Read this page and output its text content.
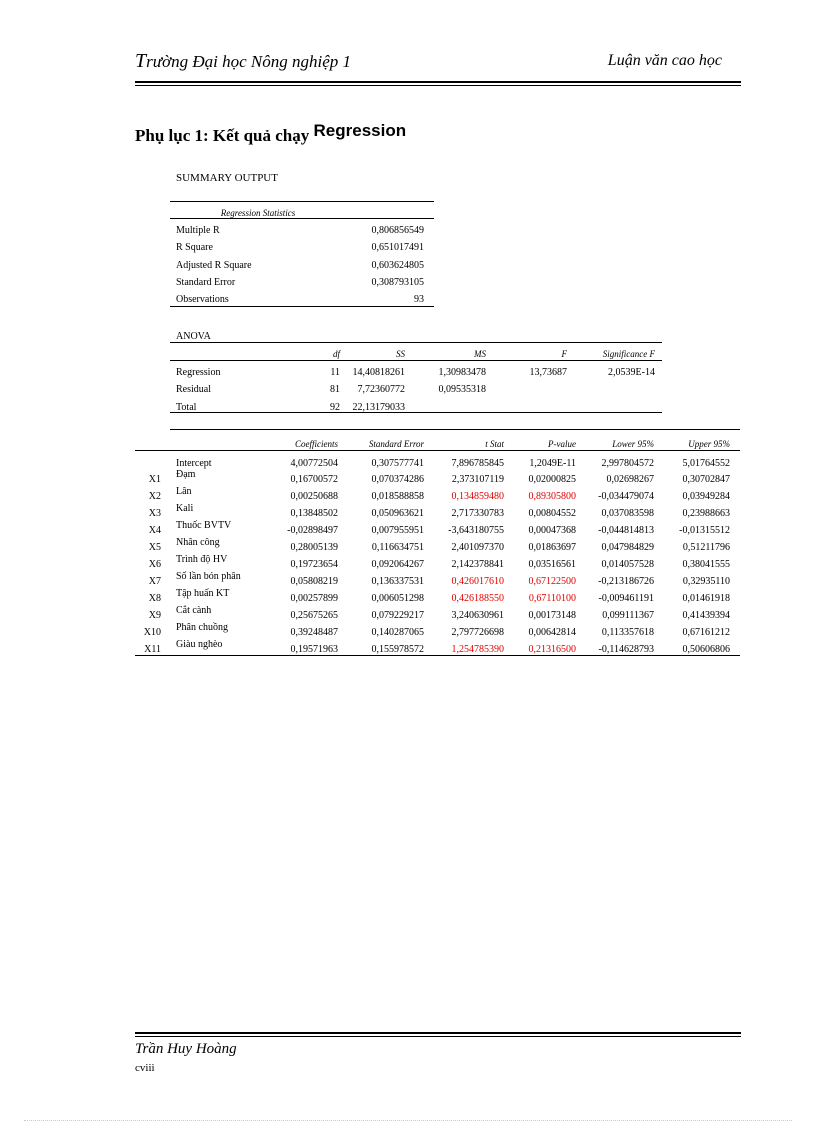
Trường Đại học Nông nghiệp 1	Luận văn cao học
Phụ lục 1: Kết quả chạy Regression
SUMMARY OUTPUT
Regression Statistics
Multiple R	0,806856549
R Square	0,651017491
Adjusted R Square	0,603624805
Standard Error	0,308793105
Observations	93
ANOVA
df	SS	MS	F	Significance F
Regression	11	14,40818261	1,30983478	13,73687	2,0539E-14
Residual	81	7,72360772	0,09535318
Total	92	22,13179033
Coefficients	Standard Error	t Stat	P-value	Lower 95%	Upper 95%
Intercept	4,00772504	0,307577741	7,896785845	1,2049E-11	2,997804572	5,01764552
X1 Đạm	0,16700572	0,070374286	2,373107119	0,02000825	0,02698267	0,30702847
X2 Lân	0,00250688	0,018588858	0,134859480	0,89305800	-0,034479074	0,03949284
X3 Kali	0,13848502	0,050963621	2,717330783	0,00804552	0,037083598	0,23988663
X4 Thuốc BVTV	-0,02898497	0,007955951	-3,643180755	0,00047368	-0,044814813	-0,01315512
X5 Nhân công	0,28005139	0,116634751	2,401097370	0,01863697	0,047984829	0,51211796
X6 Trình độ HV	0,19723654	0,092064267	2,142378841	0,03516561	0,014057528	0,38041555
X7 Số lần bón phân	0,05808219	0,136337531	0,426017610	0,67122500	-0,213186726	0,32935110
X8 Tập huấn KT	0,00257899	0,006051298	0,426188550	0,67110100	-0,009461191	0,01461918
X9 Cắt cành	0,25675265	0,079229217	3,240630961	0,00173148	0,099111367	0,41439394
X10 Phân chuồng	0,39248487	0,140287065	2,797726698	0,00642814	0,113357618	0,67161212
X11 Giàu nghèo	0,19571963	0,155978572	1,254785390	0,21316500	-0,114628793	0,50606806
Trần Huy Hoàng
cviii
